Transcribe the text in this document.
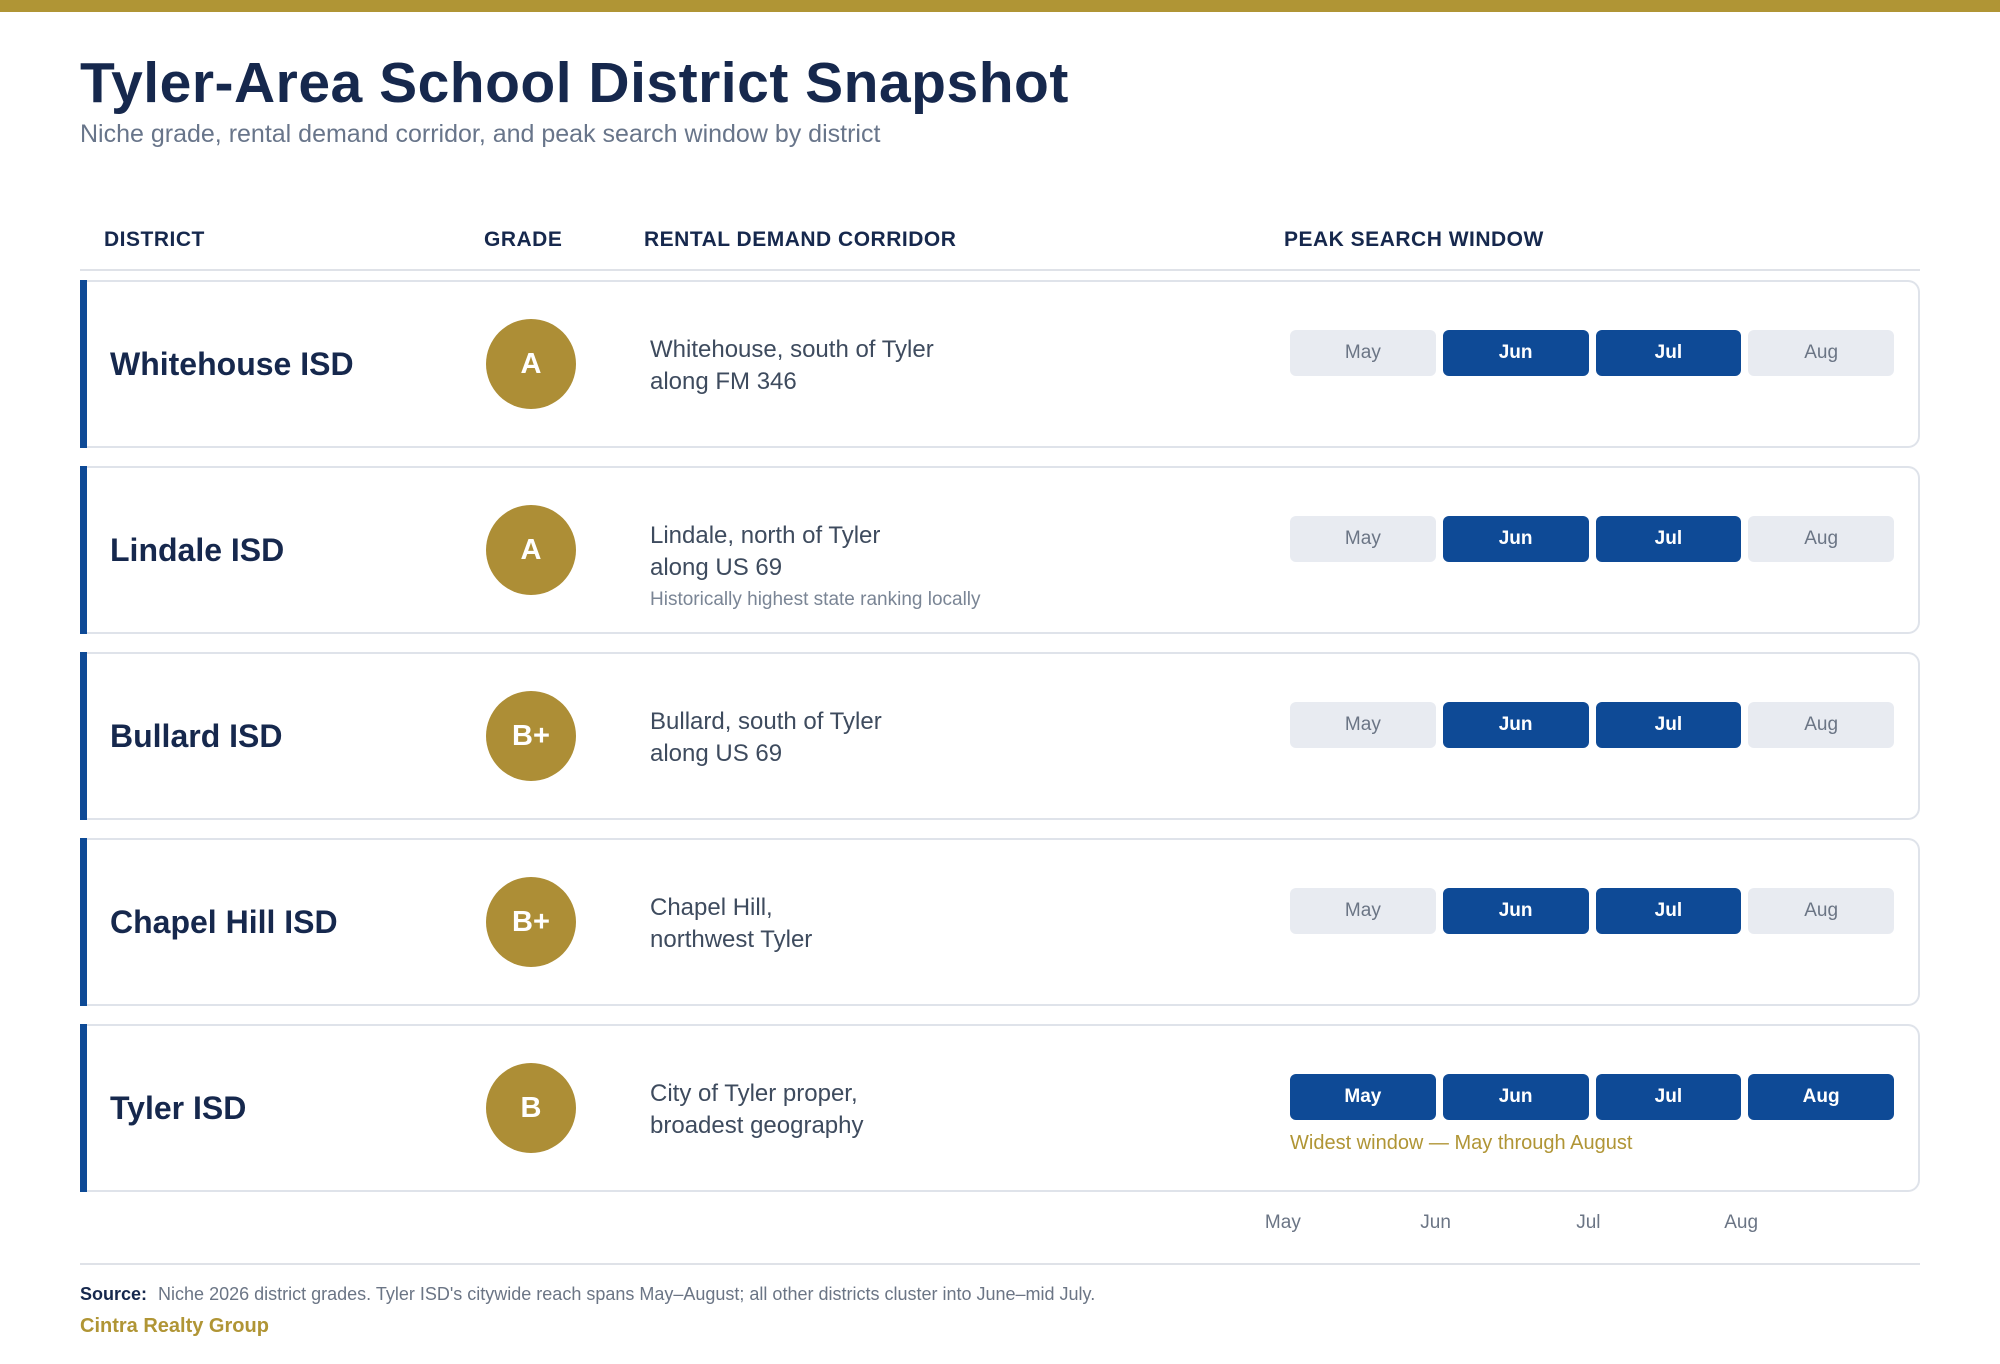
Tyler-Area School District Snapshot
Niche grade, rental demand corridor, and peak search window by district
DISTRICT	GRADE	RENTAL DEMAND CORRIDOR	PEAK SEARCH WINDOW
Whitehouse ISD	A	Whitehouse, south of Tyler
along FM 346
May	Jun	Jul	Aug
Lindale ISD	A	Lindale, north of Tyler
along US 69
Historically highest state ranking locally
May	Jun	Jul	Aug
Bullard ISD	B+	Bullard, south of Tyler
along US 69
May	Jun	Jul	Aug
Chapel Hill ISD	B+	Chapel Hill,
northwest Tyler
May	Jun	Jul	Aug
Tyler ISD	B	City of Tyler proper,
broadest geography
May	Jun	Jul	Aug
Widest window — May through August
May	Jun	Jul	Aug
Source: Niche 2026 district grades. Tyler ISD's citywide reach spans May–August; all other districts cluster into June–mid July.
Cintra Realty Group
